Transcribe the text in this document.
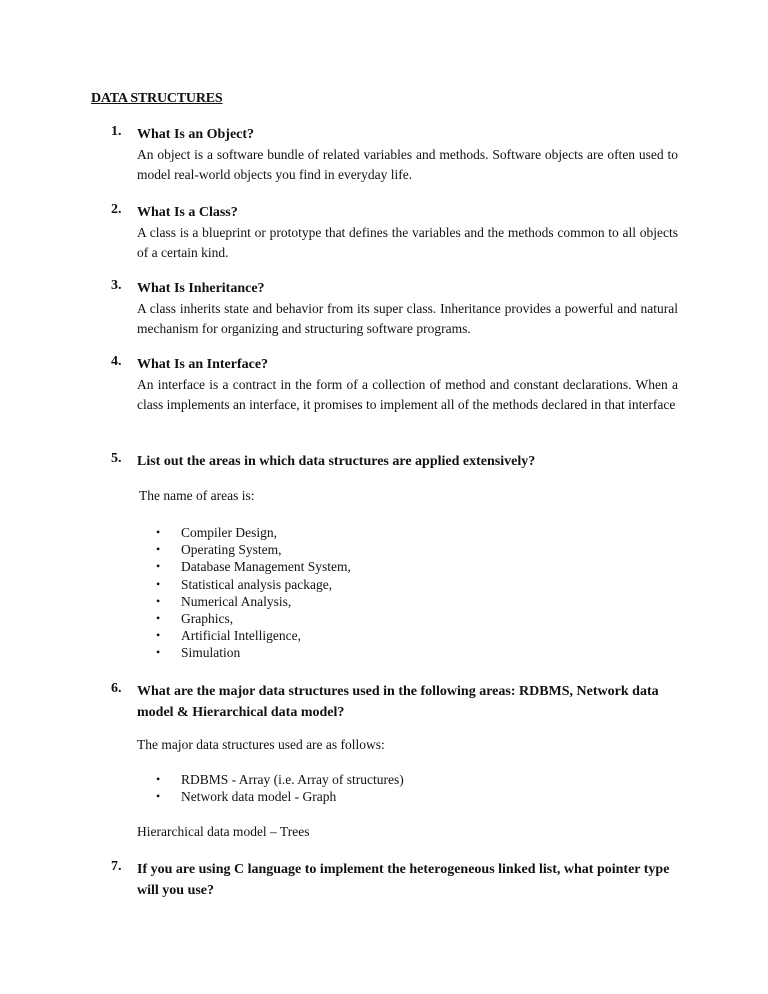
DATA STRUCTURES
1. What Is an Object?
An object is a software bundle of related variables and methods. Software objects are often used to model real-world objects you find in everyday life.
2. What Is a Class?
A class is a blueprint or prototype that defines the variables and the methods common to all objects of a certain kind.
3. What Is Inheritance?
A class inherits state and behavior from its super class. Inheritance provides a powerful and natural mechanism for organizing and structuring software programs.
4. What Is an Interface?
An interface is a contract in the form of a collection of method and constant declarations. When a class implements an interface, it promises to implement all of the methods declared in that interface
5. List out the areas in which data structures are applied extensively?
The name of areas is:
• Compiler Design,
• Operating System,
• Database Management System,
• Statistical analysis package,
• Numerical Analysis,
• Graphics,
• Artificial Intelligence,
• Simulation
6. What are the major data structures used in the following areas: RDBMS, Network data model & Hierarchical data model?
The major data structures used are as follows:
• RDBMS - Array (i.e. Array of structures)
• Network data model - Graph
Hierarchical data model – Trees
7. If you are using C language to implement the heterogeneous linked list, what pointer type will you use?
